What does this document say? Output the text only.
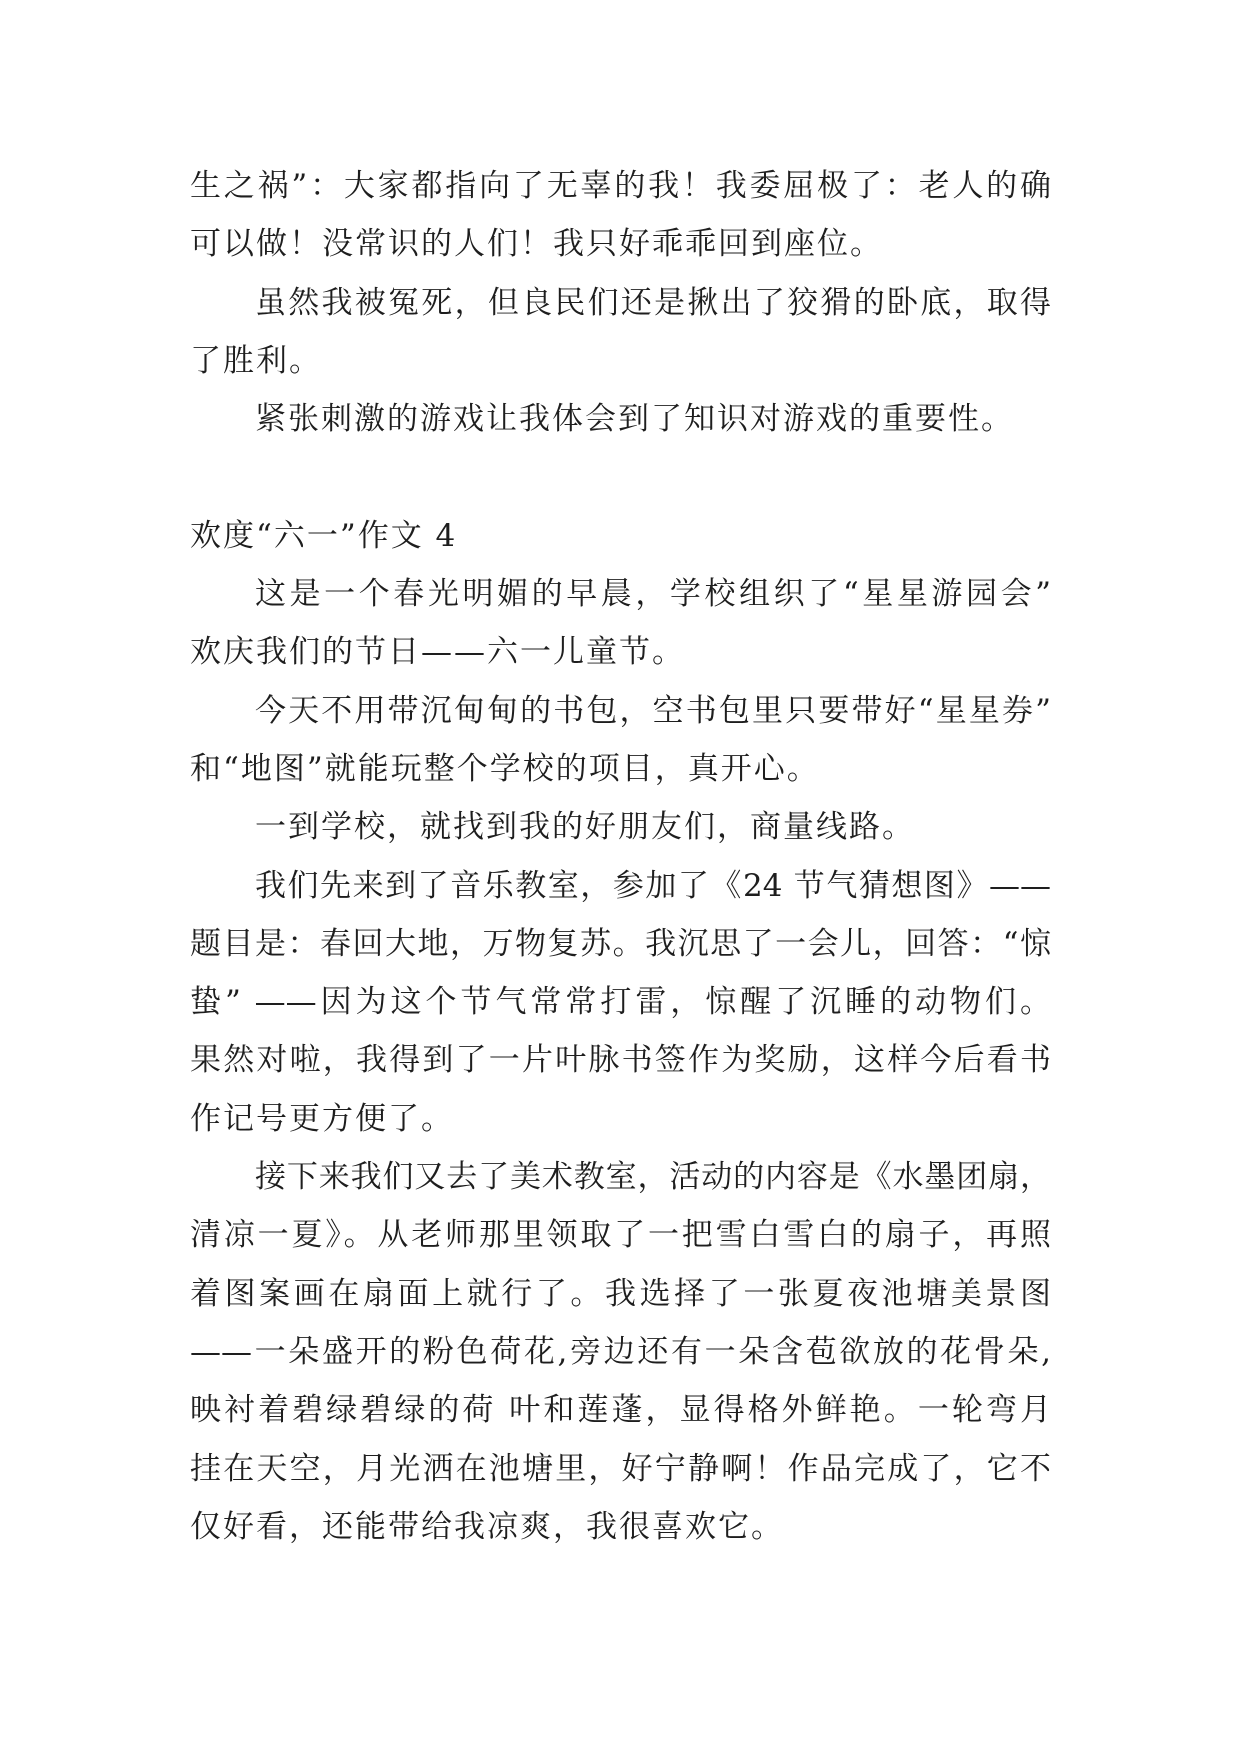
生之祸”：大家都指向了无辜的我！我委屈极了：老人的确
可以做！没常识的人们！我只好乖乖回到座位。
虽然我被冤死，但良民们还是揪出了狡猾的卧底，取得
了胜利。
紧张刺激的游戏让我体会到了知识对游戏的重要性。
欢度“六一”作文 4
这是一个春光明媚的早晨，学校组织了“星星游园会”
欢庆我们的节日——六一儿童节。
今天不用带沉甸甸的书包，空书包里只要带好“星星券”
和“地图”就能玩整个学校的项目，真开心。
一到学校，就找到我的好朋友们，商量线路。
我们先来到了音乐教室，参加了《24 节气猜想图》——
题目是：春回大地，万物复苏。我沉思了一会儿，回答：“惊
蛰” ——因为这个节气常常打雷，惊醒了沉睡的动物们。
果然对啦，我得到了一片叶脉书签作为奖励，这样今后看书
作记号更方便了。
接下来我们又去了美术教室，活动的内容是《水墨团扇，
清凉一夏》。从老师那里领取了一把雪白雪白的扇子，再照
着图案画在扇面上就行了。我选择了一张夏夜池塘美景图
——一朵盛开的粉色荷花,旁边还有一朵含苞欲放的花骨朵,
映衬着碧绿碧绿的荷 叶和莲蓬，显得格外鲜艳。一轮弯月
挂在天空，月光洒在池塘里，好宁静啊！作品完成了，它不
仅好看，还能带给我凉爽，我很喜欢它。
